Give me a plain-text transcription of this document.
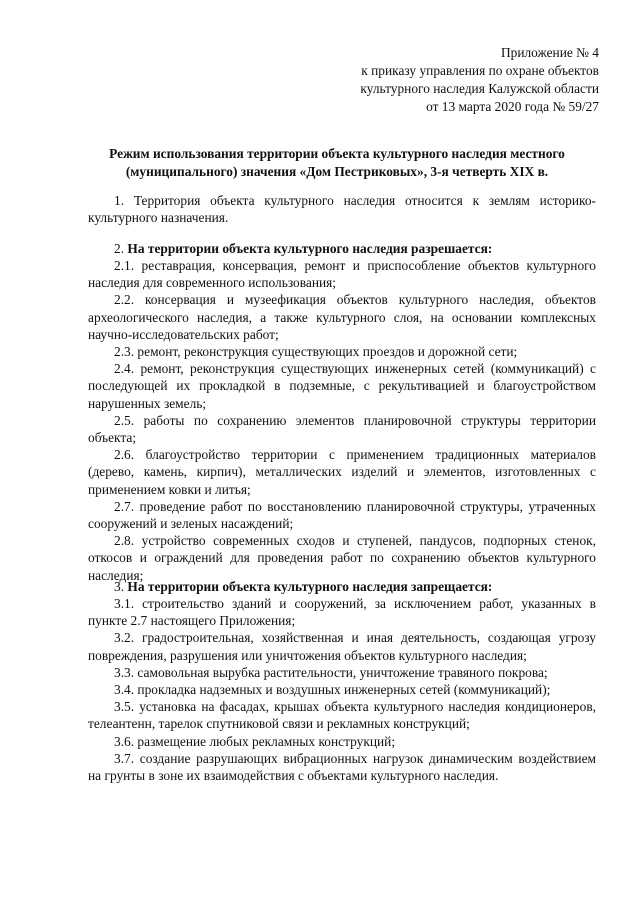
Приложение № 4
к приказу управления по охране объектов
культурного наследия Калужской области
от 13 марта 2020 года № 59/27
Режим использования территории объекта культурного наследия местного
(муниципального) значения «Дом Пестриковых», 3-я четверть XIX в.

1. Территория объекта культурного наследия относится к землям историко-культурного назначения.

2. На территории объекта культурного наследия разрешается:

2.1. реставрация, консервация, ремонт и приспособление объектов культурного наследия для современного использования;

2.2. консервация и музеефикация объектов культурного наследия, объектов археологического наследия, а также культурного слоя, на основании комплексных научно-исследовательских работ;

2.3. ремонт, реконструкция существующих проездов и дорожной сети;

2.4. ремонт, реконструкция существующих инженерных сетей (коммуникаций) с последующей их прокладкой в подземные, с рекультивацией и благоустройством нарушенных земель;

2.5. работы по сохранению элементов планировочной структуры территории объекта;

2.6. благоустройство территории с применением традиционных материалов (дерево, камень, кирпич), металлических изделий и элементов, изготовленных с применением ковки и литья;

2.7. проведение работ по восстановлению планировочной структуры, утраченных сооружений и зеленых насаждений;

2.8. устройство современных сходов и ступеней, пандусов, подпорных стенок, откосов и ограждений для проведения работ по сохранению объектов культурного наследия;

3. На территории объекта культурного наследия запрещается:

3.1. строительство зданий и сооружений, за исключением работ, указанных в пункте 2.7 настоящего Приложения;

3.2. градостроительная, хозяйственная и иная деятельность, создающая угрозу повреждения, разрушения или уничтожения объектов культурного наследия;

3.3. самовольная вырубка растительности, уничтожение травяного покрова;

3.4. прокладка надземных и воздушных инженерных сетей (коммуникаций);

3.5. установка на фасадах, крышах объекта культурного наследия кондиционеров, телеантенн, тарелок спутниковой связи и рекламных конструкций;

3.6. размещение любых рекламных конструкций;

3.7. создание разрушающих вибрационных нагрузок динамическим воздействием на грунты в зоне их взаимодействия с объектами культурного наследия.
